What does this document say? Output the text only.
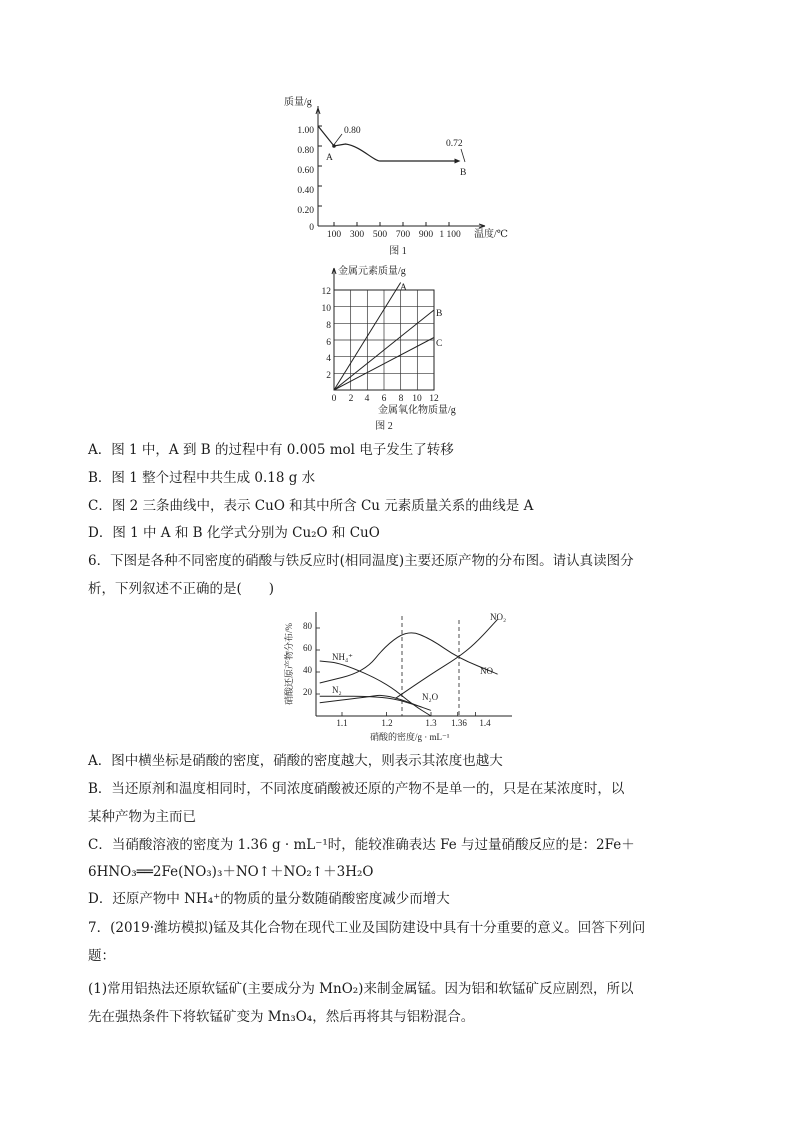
质量/g
温度/℃
1.00
0.80
0.60
0.40
0.20
0
100 300 500 700 900 1 100
0.80
A
0.72
B
图 1
金属元素质量/g
12
10
8
6
4
2
0 2 4 6 8 10 12
金属氧化物质量/g
A
B
C
图 2
A．图 1 中，A 到 B 的过程中有 0.005 mol 电子发生了转移
B．图 1 整个过程中共生成 0.18 g 水
C．图 2 三条曲线中，表示 CuO 和其中所含 Cu 元素质量关系的曲线是 A
D．图 1 中 A 和 B 化学式分别为 Cu₂O 和 CuO
6．下图是各种不同密度的硝酸与铁反应时(相同温度)主要还原产物的分布图。请认真读图分
析，下列叙述不正确的是(　　)
硝酸还原产物分布/% 80
60
40
20
1.1	1.2	1.3 1.36 1.4
硝酸的密度/g · mL⁻¹
NO₂
NO
NH₄⁺
N₂
N₂O
A．图中横坐标是硝酸的密度，硝酸的密度越大，则表示其浓度也越大
B．当还原剂和温度相同时，不同浓度硝酸被还原的产物不是单一的，只是在某浓度时，以
某种产物为主而已
C．当硝酸溶液的密度为 1.36 g · mL⁻¹时，能较准确表达 Fe 与过量硝酸反应的是：2Fe＋
6HNO₃══2Fe(NO₃)₃＋NO↑＋NO₂↑＋3H₂O
D．还原产物中 NH₄⁺的物质的量分数随硝酸密度减少而增大
7．(2019·潍坊模拟)锰及其化合物在现代工业及国防建设中具有十分重要的意义。回答下列问
题：
(1)常用铝热法还原软锰矿(主要成分为 MnO₂)来制金属锰。因为铝和软锰矿反应剧烈，所以
先在强热条件下将软锰矿变为 Mn₃O₄，然后再将其与铝粉混合。
